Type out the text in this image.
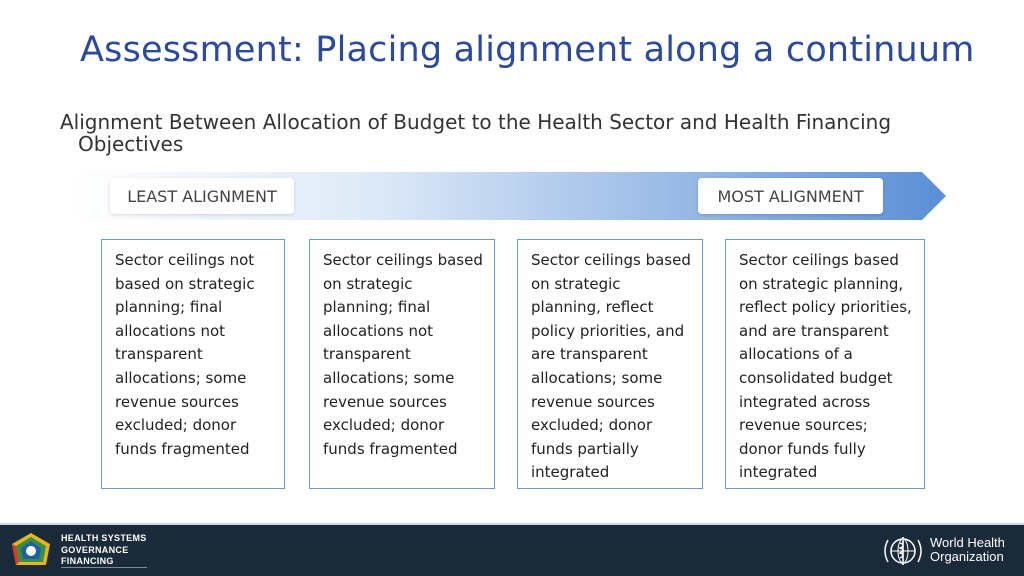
Assessment: Placing alignment along a continuum
Alignment Between Allocation of Budget to the Health Sector and Health Financing
Objectives
LEAST ALIGNMENT	MOST ALIGNMENT
Sector ceilings not based on strategic planning; final allocations not transparent allocations; some revenue sources excluded; donor funds fragmented
Sector ceilings based on strategic planning; final allocations not transparent allocations; some revenue sources excluded; donor funds fragmented
Sector ceilings based on strategic planning, reflect policy priorities, and are transparent allocations; some revenue sources excluded; donor funds partially integrated
Sector ceilings based on strategic planning, reflect policy priorities, and are transparent allocations of a consolidated budget integrated across revenue sources; donor funds fully integrated
HEALTH SYSTEMS
GOVERNANCE
FINANCING
World Health
Organization
